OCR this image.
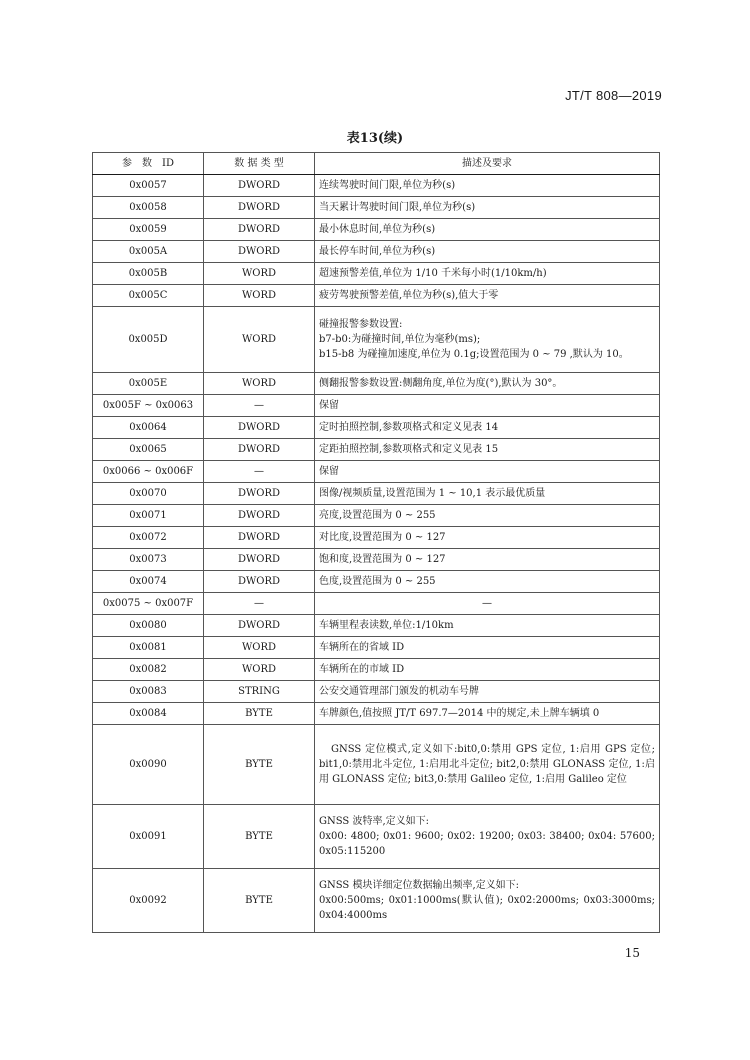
JT/T 808—2019
表13(续)
参　数　ID	数 据 类 型	描述及要求
0x0057	DWORD	连续驾驶时间门限,单位为秒(s)

0x0058	DWORD	当天累计驾驶时间门限,单位为秒(s)

0x0059	DWORD	最小休息时间,单位为秒(s)

0x005A	DWORD	最长停车时间,单位为秒(s)

0x005B	WORD	超速预警差值,单位为 1/10 千米每小时(1/10km/h)

0x005C	WORD	疲劳驾驶预警差值,单位为秒(s),值大于零

0x005D	WORD	碰撞报警参数设置:
b7-b0:为碰撞时间,单位为毫秒(ms);
b15-b8 为碰撞加速度,单位为 0.1g;设置范围为 0 ~ 79 ,默认为 10。

0x005E	WORD	侧翻报警参数设置:侧翻角度,单位为度(°),默认为 30°。

0x005F ~ 0x0063	—	保留

0x0064	DWORD	定时拍照控制,参数项格式和定义见表 14

0x0065	DWORD	定距拍照控制,参数项格式和定义见表 15

0x0066 ~ 0x006F	—	保留

0x0070	DWORD	图像/视频质量,设置范围为 1 ~ 10,1 表示最优质量

0x0071	DWORD	亮度,设置范围为 0 ~ 255

0x0072	DWORD	对比度,设置范围为 0 ~ 127

0x0073	DWORD	饱和度,设置范围为 0 ~ 127

0x0074	DWORD	色度,设置范围为 0 ~ 255

0x0075 ~ 0x007F	—	—

0x0080	DWORD	车辆里程表读数,单位:1/10km

0x0081	WORD	车辆所在的省域 ID

0x0082	WORD	车辆所在的市域 ID

0x0083	STRING	公安交通管理部门颁发的机动车号牌

0x0084	BYTE	车牌颜色,值按照 JT/T 697.7—2014 中的规定,未上牌车辆填 0

0x0090	BYTE	GNSS 定位模式,定义如下:bit0,0:禁用 GPS 定位, 1:启用 GPS 定位; bit1,0:禁用北斗定位, 1:启用北斗定位; bit2,0:禁用 GLONASS 定位, 1:启用 GLONASS 定位; bit3,0:禁用 Galileo 定位, 1:启用 Galileo 定位

0x0091	BYTE	GNSS 波特率,定义如下:
0x00: 4800; 0x01: 9600; 0x02: 19200; 0x03: 38400; 0x04: 57600; 0x05:115200

0x0092	BYTE	GNSS 模块详细定位数据输出频率,定义如下:
0x00:500ms; 0x01:1000ms(默认值); 0x02:2000ms; 0x03:3000ms; 0x04:4000ms
15
